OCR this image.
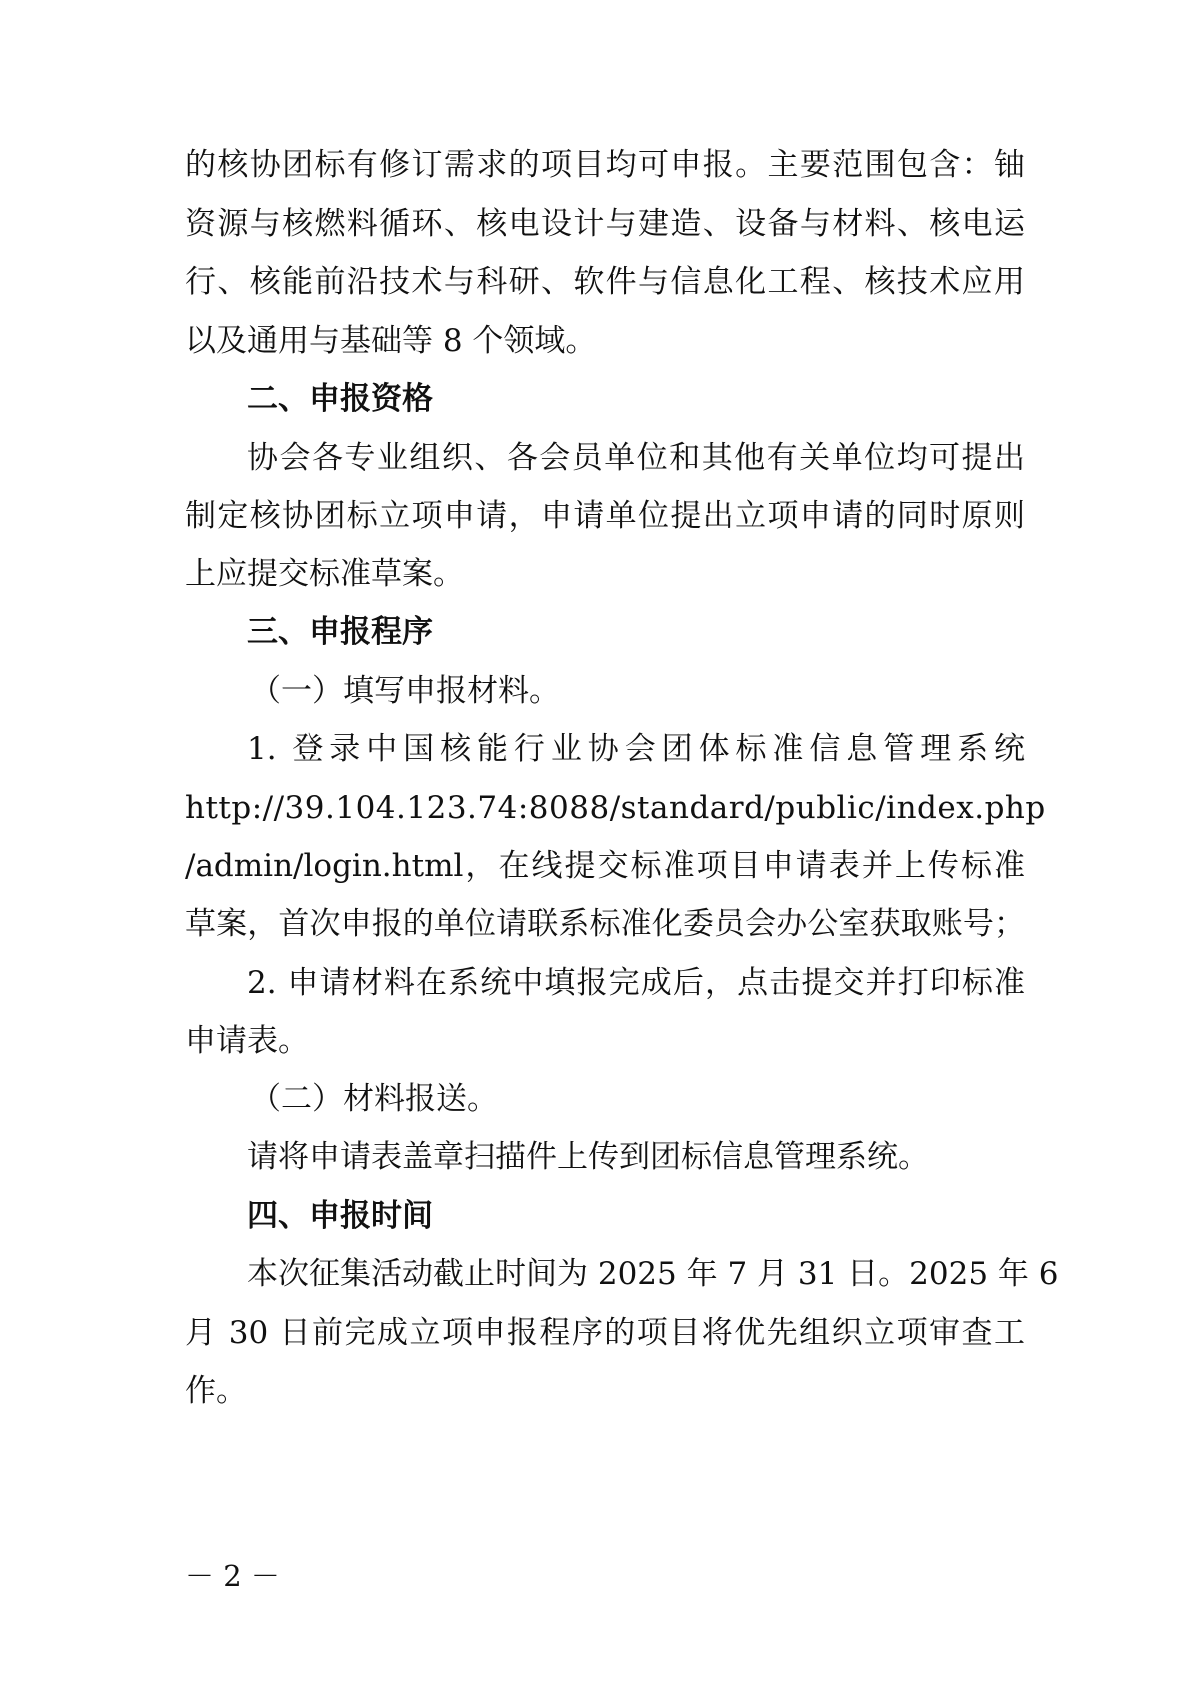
的核协团标有修订需求的项目均可申报。主要范围包含：铀
资源与核燃料循环、核电设计与建造、设备与材料、核电运
行、核能前沿技术与科研、软件与信息化工程、核技术应用
以及通用与基础等 8 个领域。
二、申报资格
协会各专业组织、各会员单位和其他有关单位均可提出
制定核协团标立项申请，申请单位提出立项申请的同时原则
上应提交标准草案。
三、申报程序
（一）填写申报材料。
1. 登录中国核能行业协会团体标准信息管理系统
http://39.104.123.74:8088/standard/public/index.php
/admin/login.html，在线提交标准项目申请表并上传标准
草案，首次申报的单位请联系标准化委员会办公室获取账号；
2. 申请材料在系统中填报完成后，点击提交并打印标准
申请表。
（二）材料报送。
请将申请表盖章扫描件上传到团标信息管理系统。
四、申报时间
本次征集活动截止时间为 2025 年 7 月 31 日。2025 年 6
月 30 日前完成立项申报程序的项目将优先组织立项审查工
作。
－ 2 －
